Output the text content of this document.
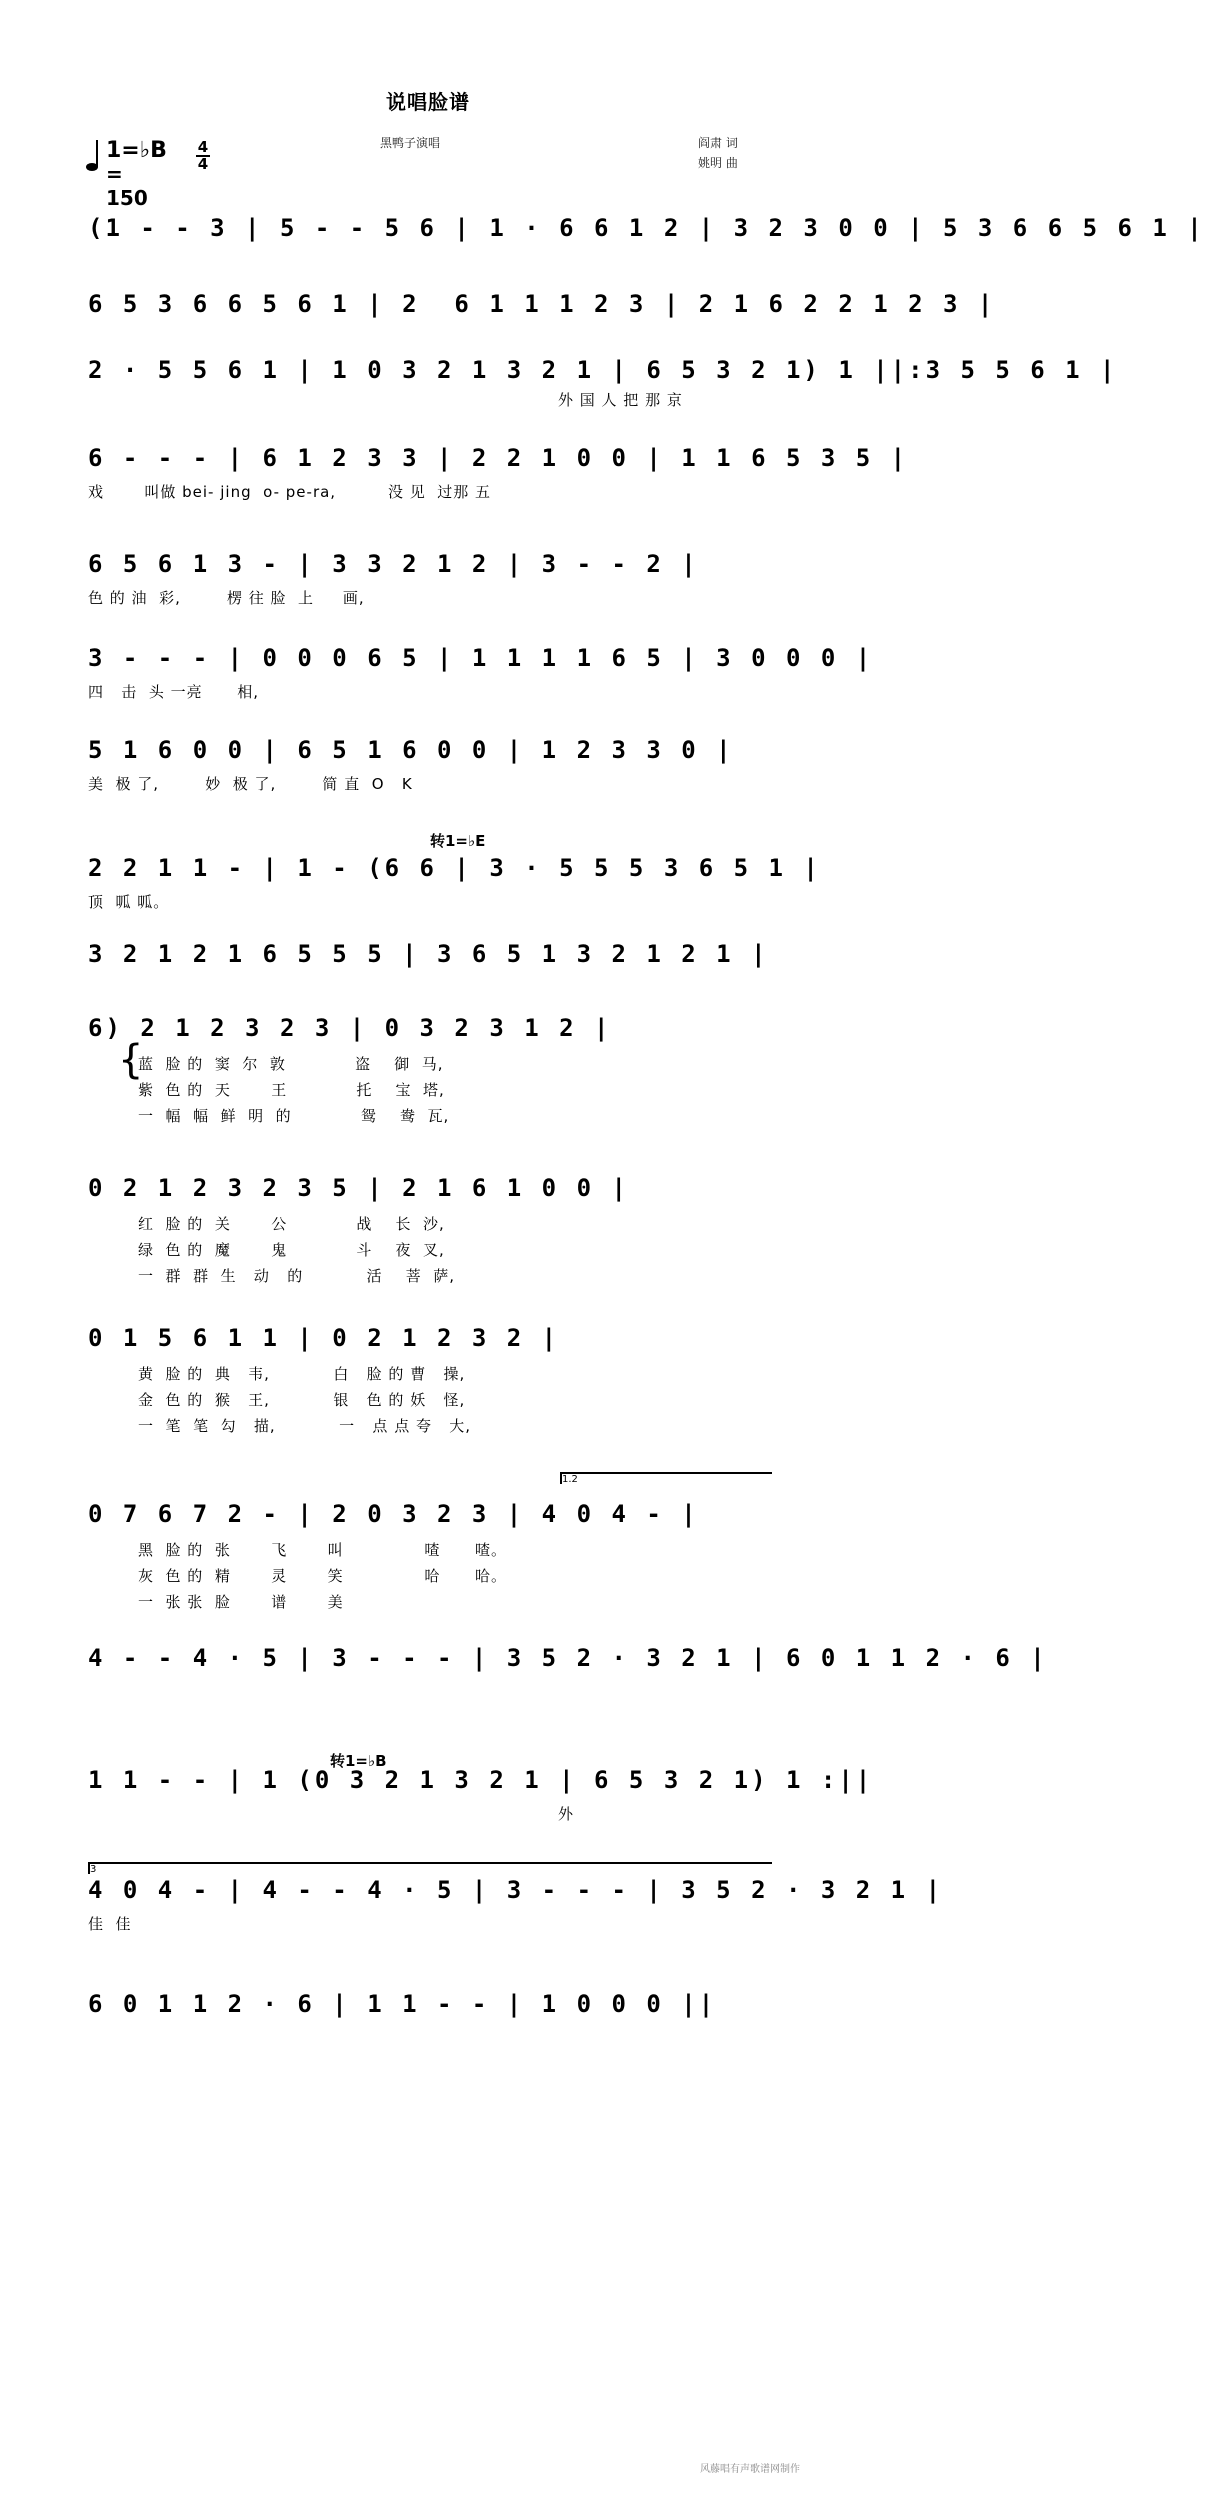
说唱脸谱
黑鸭子演唱	阎肃 词
姚明 曲
1=♭B
= 150
4
4
(1 - - 3 | 5 - - 5 6 | 1 · 6 6 1 2 | 3 2 3 0 0 | 5 3 6 6 5 6 1 |
6 5 3 6 6 5 6 1 | 2  6 1 1 1 2 3 | 2 1 6 2 2 1 2 3 |
2 · 5 5 6 1 | 1 0 3 2 1 3 2 1 | 6 5 3 2 1) 1 ||:3 5 5 6 1 |
外 国 人 把 那 京
6 - - - | 6 1 2 3 3 | 2 2 1 0 0 | 1 1 6 5 3 5 |
戏       叫做 bei- jing  o- pe-ra,         没 见  过那 五
6 5 6 1 3 - | 3 3 2 1 2 | 3 - - 2 |
色 的 油  彩,        楞 往 脸  上     画,
3 - - - | 0 0 0 6 5 | 1 1 1 1 6 5 | 3 0 0 0 |
四   击  头 一亮      相,
5 1 6 0 0 | 6 5 1 6 0 0 | 1 2 3 3 0 |
美  极 了,        妙  极 了,        简 直  O   K
2 2 1 1 - | 1 - (6 6 | 3 · 5 5 5 3 6 5 1 |
顶  呱 呱。
3 2 1 2 1 6 5 5 5 | 3 6 5 1 3 2 1 2 1 |
6) 2 1 2 3 2 3 | 0 3 2 3 1 2 |
蓝  脸 的  窦  尔  敦            盗    御  马,
紫  色 的  天       王            托    宝  塔,
一  幅  幅  鲜  明  的            鸳    鸯  瓦,
0 2 1 2 3 2 3 5 | 2 1 6 1 0 0 |
红  脸 的  关       公            战    长  沙,
绿  色 的  魔       鬼            斗    夜  叉,
一  群  群  生   动   的           活    菩  萨,
0 1 5 6 1 1 | 0 2 1 2 3 2 |
黄  脸 的  典   韦,           白   脸 的 曹   操,
金  色 的  猴   王,           银   色 的 妖   怪,
一  笔  笔  勾   描,           一   点 点 夸   大,
0 7 6 7 2 - | 2 0 3 2 3 | 4 0 4 - |
黑  脸 的  张       飞       叫              喳      喳。
灰  色 的  精       灵       笑              哈      哈。
一  张 张  脸       谱       美
4 - - 4 · 5 | 3 - - - | 3 5 2 · 3 2 1 | 6 0 1 1 2 · 6 |
1 1 - - | 1 (0 3 2 1 3 2 1 | 6 5 3 2 1) 1 :||
外
4 0 4 - | 4 - - 4 · 5 | 3 - - - | 3 5 2 · 3 2 1 |
佳  佳
6 0 1 1 2 · 6 | 1 1 - - | 1 0 0 0 ||
转1=♭E
转1=♭B
1.2
3
{
风藤唱有声歌谱网制作
